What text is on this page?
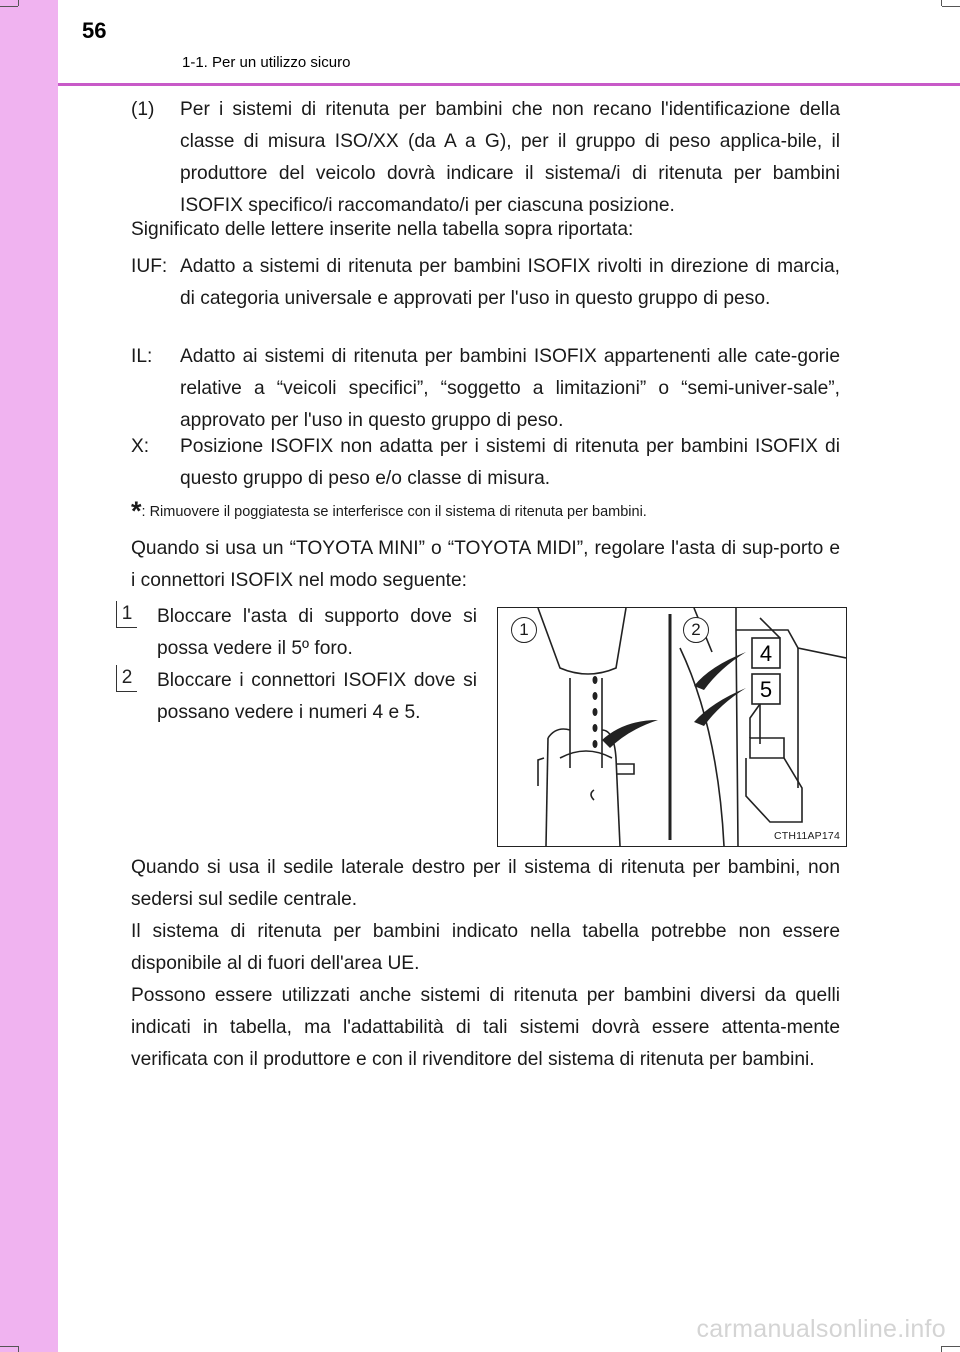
56
1-1. Per un utilizzo sicuro
(1) Per i sistemi di ritenuta per bambini che non recano l'identificazione della classe di misura ISO/XX (da A a G), per il gruppo di peso applica-bile, il produttore del veicolo dovrà indicare il sistema/i di ritenuta per bambini ISOFIX specifico/i raccomandato/i per ciascuna posizione.
Significato delle lettere inserite nella tabella sopra riportata:
IUF: Adatto a sistemi di ritenuta per bambini ISOFIX rivolti in direzione di marcia, di categoria universale e approvati per l'uso in questo gruppo di peso.
IL: Adatto ai sistemi di ritenuta per bambini ISOFIX appartenenti alle cate-gorie relative a “veicoli specifici”, “soggetto a limitazioni” o “semi-univer-sale”, approvato per l'uso in questo gruppo di peso.
X: Posizione ISOFIX non adatta per i sistemi di ritenuta per bambini ISOFIX di questo gruppo di peso e/o classe di misura.
*: Rimuovere il poggiatesta se interferisce con il sistema di ritenuta per bambini.
Quando si usa un “TOYOTA MINI” o “TOYOTA MIDI”, regolare l'asta di sup-porto e i connettori ISOFIX nel modo seguente:
1 Bloccare l'asta di supporto dove si possa vedere il 5º foro.
2 Bloccare i connettori ISOFIX dove si possano vedere i numeri 4 e 5.
4
5
1	2
CTH11AP174
Quando si usa il sedile laterale destro per il sistema di ritenuta per bambini, non sedersi sul sedile centrale.
Il sistema di ritenuta per bambini indicato nella tabella potrebbe non essere disponibile al di fuori dell'area UE.
Possono essere utilizzati anche sistemi di ritenuta per bambini diversi da quelli indicati in tabella, ma l'adattabilità di tali sistemi dovrà essere attenta-mente verificata con il produttore e con il rivenditore del sistema di ritenuta per bambini.
carmanualsonline.info
